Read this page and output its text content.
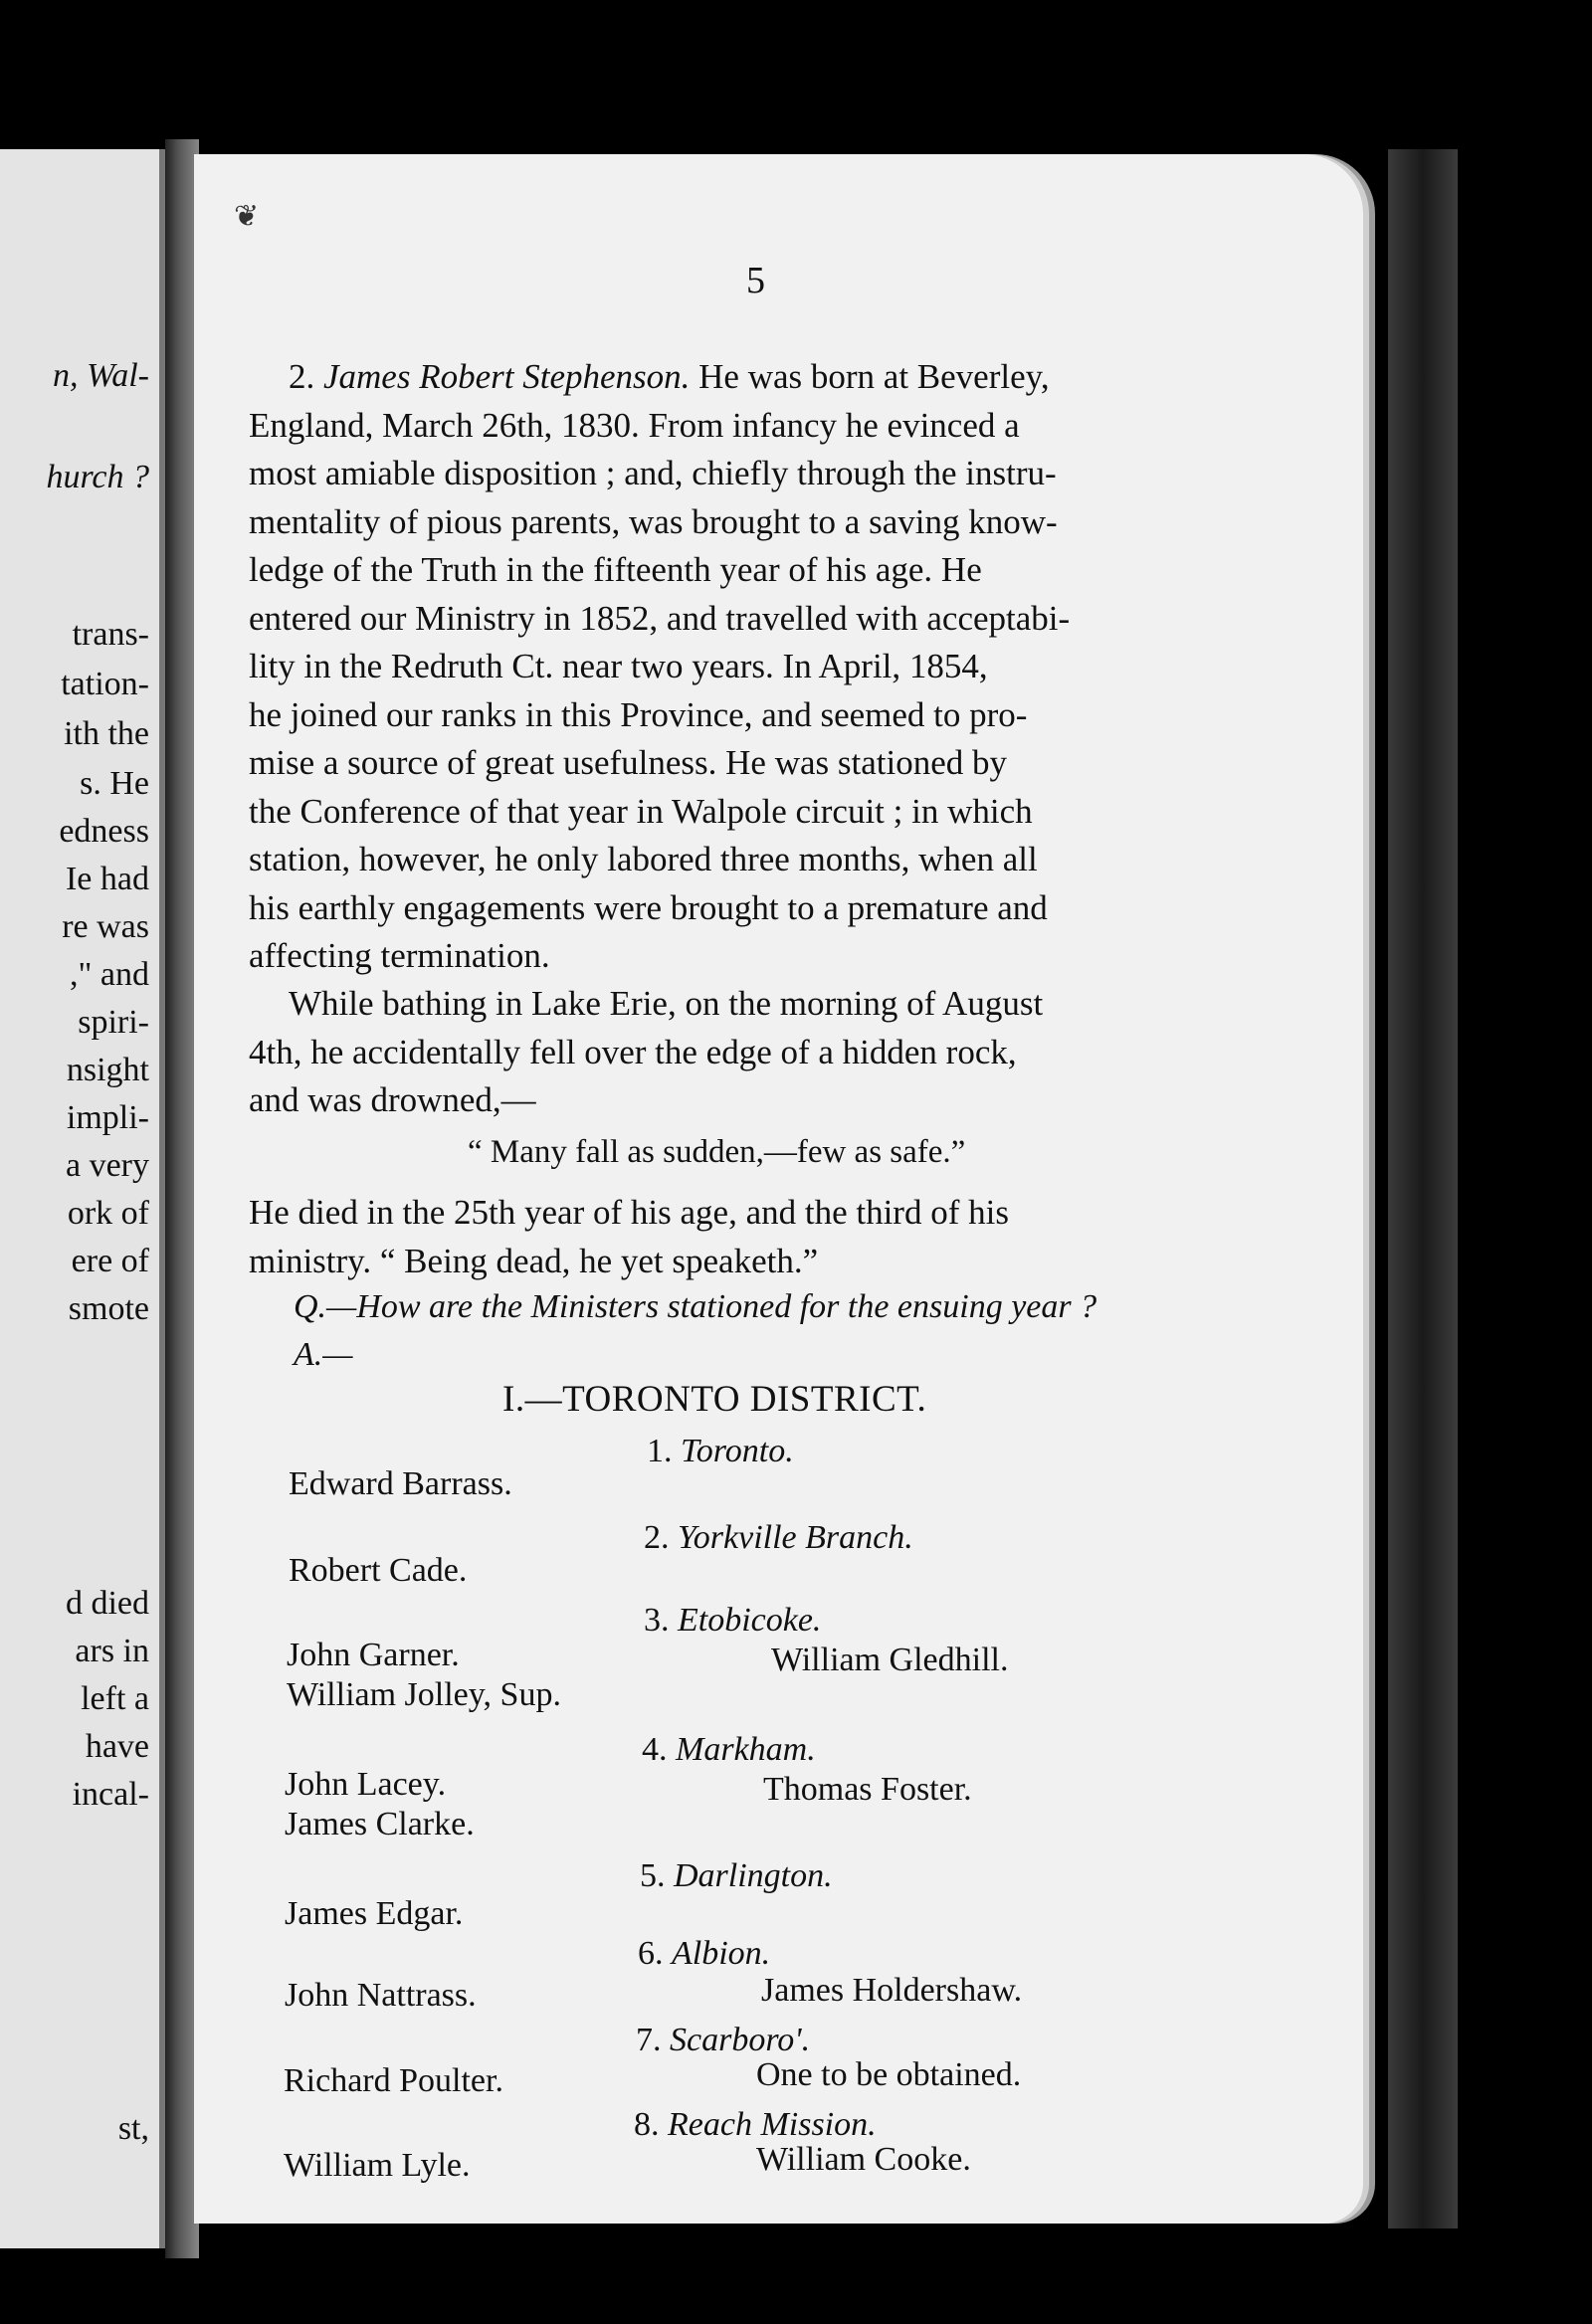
n, Wal-
hurch ?
trans-
tation-
ith the
s. He
edness
Ie had
re was
," and
spiri-
nsight
impli-
a very
ork of
ere of
smote
d died
ars in
left a
have
incal-
st,
❦
5
2. James Robert Stephenson. He was born at Beverley,
England, March 26th, 1830. From infancy he evinced a
most amiable disposition ; and, chiefly through the instru-
mentality of pious parents, was brought to a saving know-
ledge of the Truth in the fifteenth year of his age. He
entered our Ministry in 1852, and travelled with acceptabi-
lity in the Redruth Ct. near two years. In April, 1854,
he joined our ranks in this Province, and seemed to pro-
mise a source of great usefulness. He was stationed by
the Conference of that year in Walpole circuit ; in which
station, however, he only labored three months, when all
his earthly engagements were brought to a premature and
affecting termination.
While bathing in Lake Erie, on the morning of August
4th, he accidentally fell over the edge of a hidden rock,
and was drowned,—
“ Many fall as sudden,—few as safe.”
He died in the 25th year of his age, and the third of his
ministry. “ Being dead, he yet speaketh.”
Q.—How are the Ministers stationed for the ensuing year ?
A.—
I.—TORONTO DISTRICT.
1. Toronto.
2. Yorkville Branch.
3. Etobicoke.
4. Markham.
5. Darlington.
6. Albion.
7. Scarboro'.
8. Reach Mission.
Edward Barrass.
Robert Cade.
John Garner.
William Jolley, Sup.
John Lacey.
James Clarke.
James Edgar.
John Nattrass.
Richard Poulter.
William Lyle.
William Gledhill.
Thomas Foster.
James Holdershaw.
One to be obtained.
William Cooke.
